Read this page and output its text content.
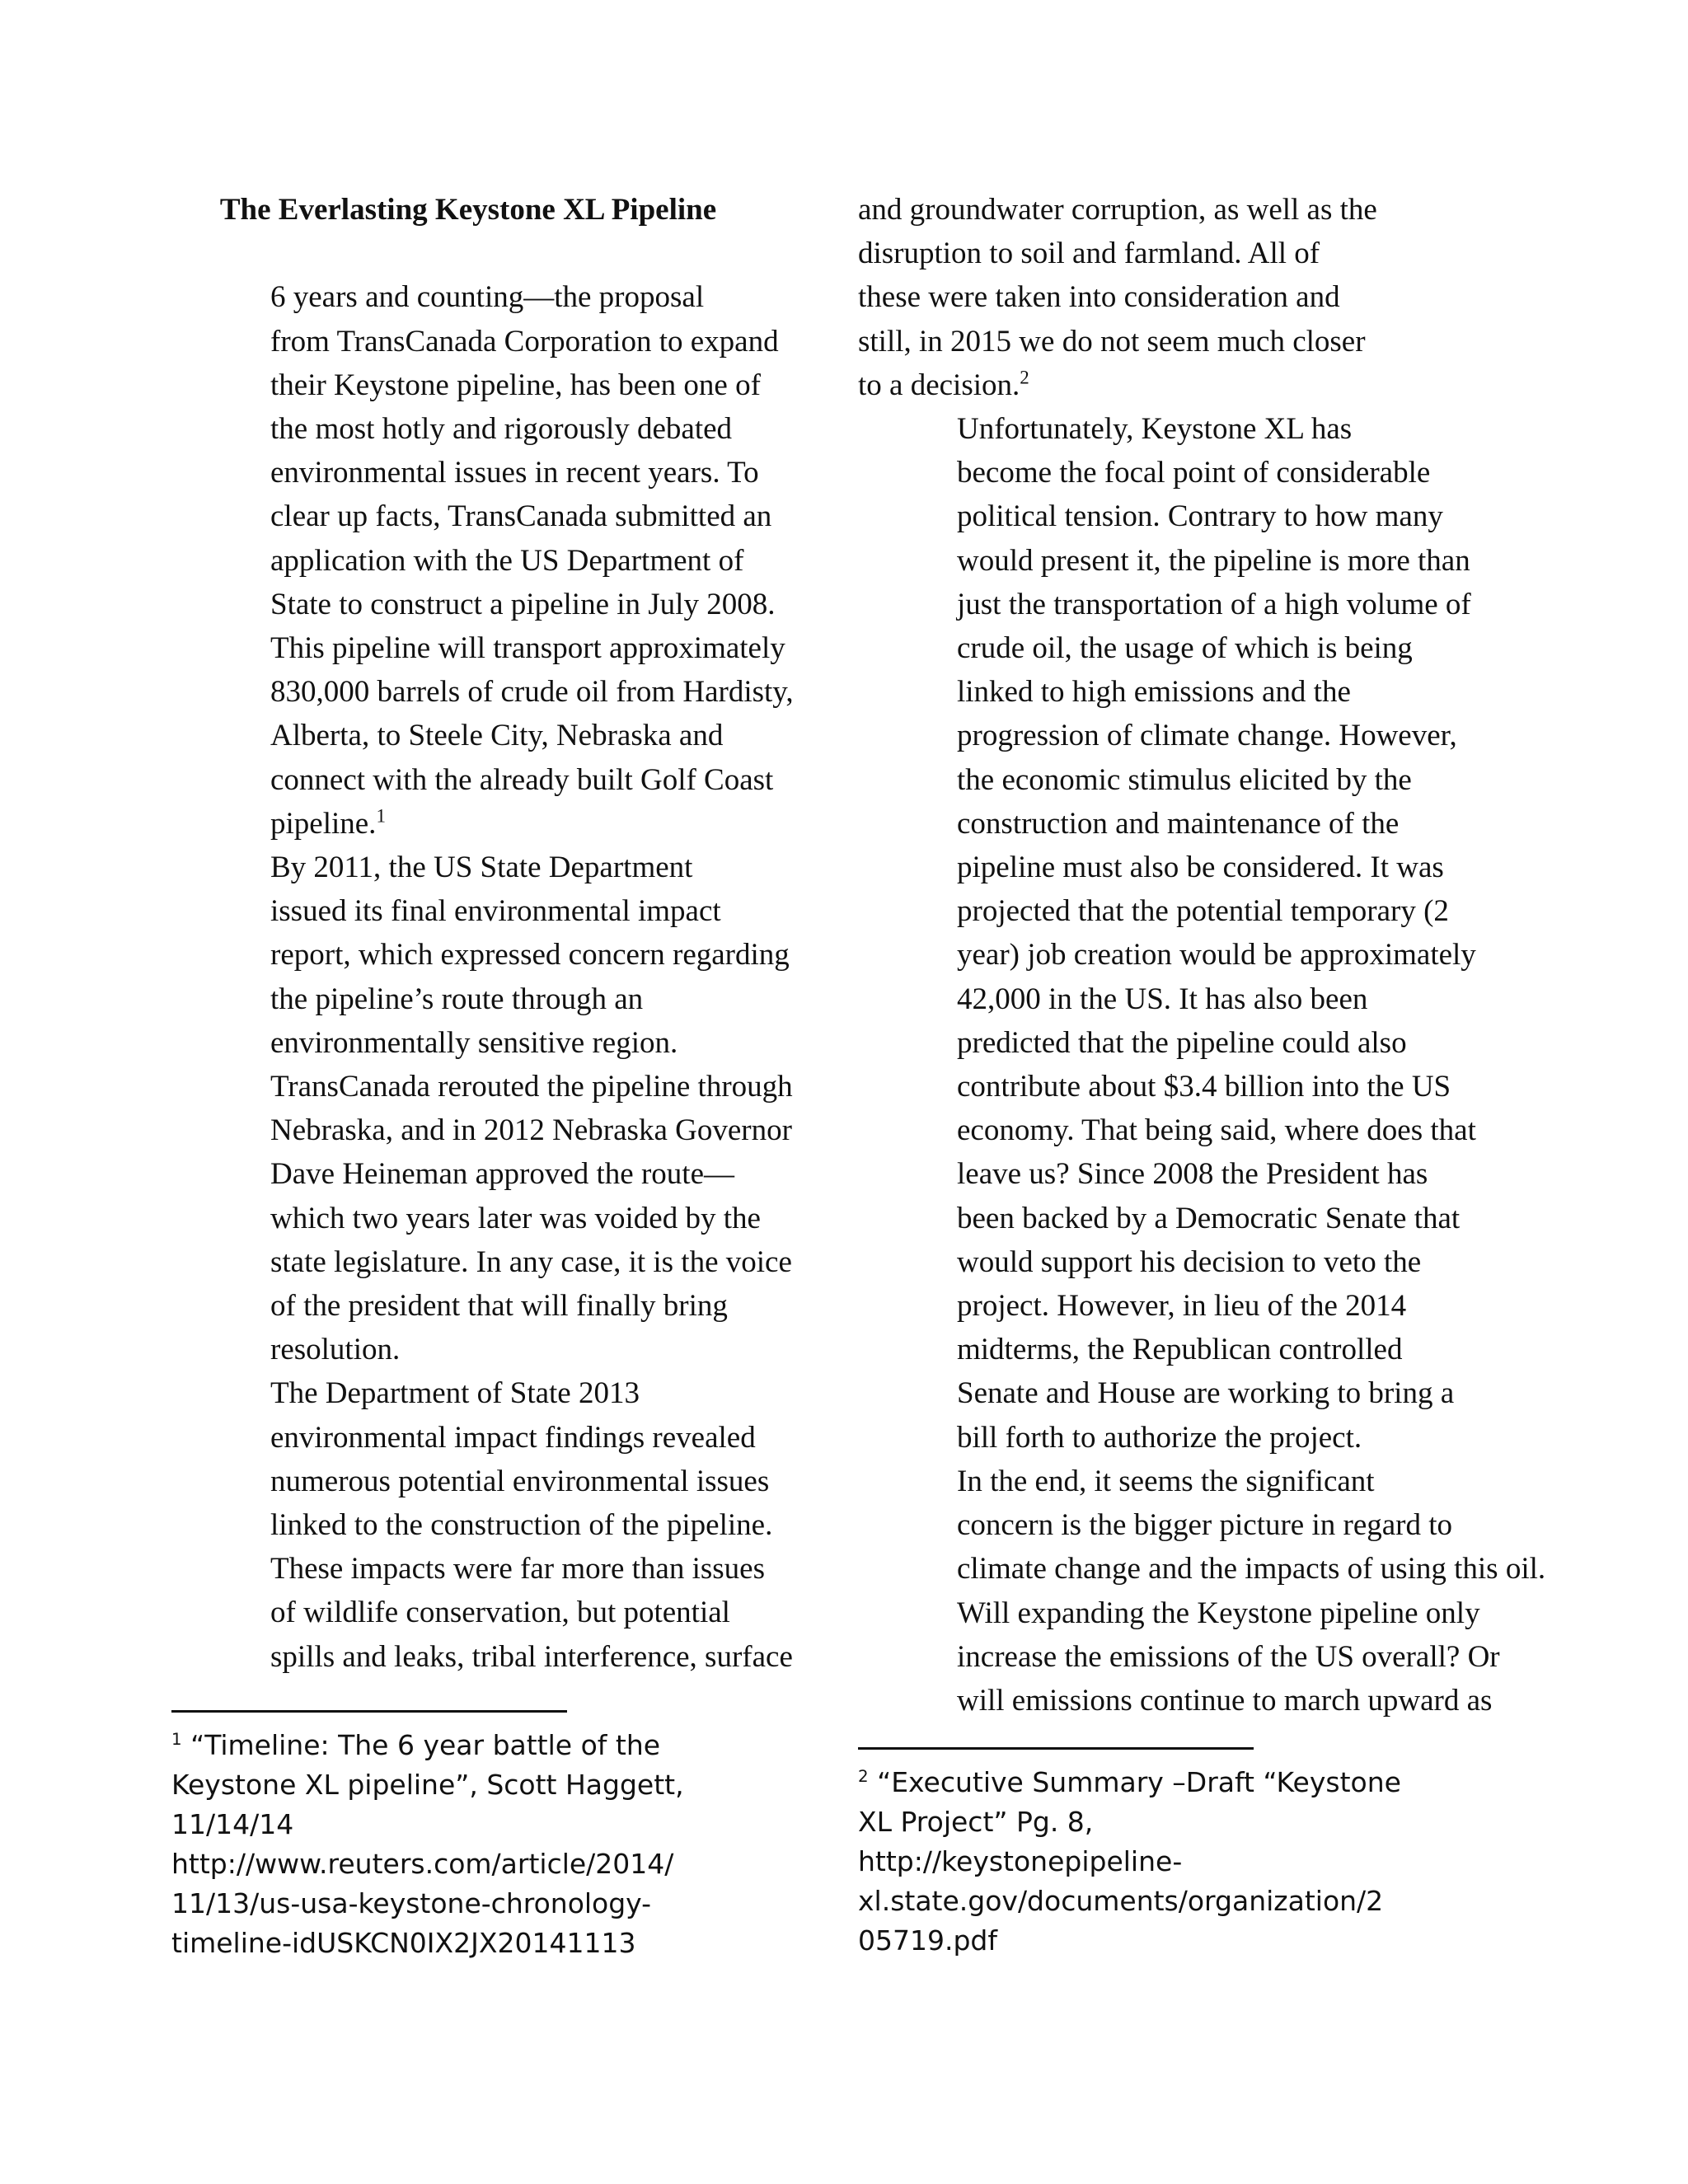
The Everlasting Keystone XL Pipeline

6 years and counting—the proposal
from TransCanada Corporation to expand
their Keystone pipeline, has been one of
the most hotly and rigorously debated
environmental issues in recent years. To
clear up facts, TransCanada submitted an
application with the US Department of
State to construct a pipeline in July 2008.
This pipeline will transport approximately
830,000 barrels of crude oil from Hardisty,
Alberta, to Steele City, Nebraska and
connect with the already built Golf Coast
pipeline.$^1$

By 2011, the US State Department
issued its final environmental impact
report, which expressed concern regarding
the pipeline’s route through an
environmentally sensitive region.
TransCanada rerouted the pipeline through
Nebraska, and in 2012 Nebraska Governor
Dave Heineman approved the route—
which two years later was voided by the
state legislature. In any case, it is the voice
of the president that will finally bring
resolution.

The Department of State 2013
environmental impact findings revealed
numerous potential environmental issues
linked to the construction of the pipeline.
These impacts were far more than issues
of wildlife conservation, but potential
spills and leaks, tribal interference, surface

and groundwater corruption, as well as the
disruption to soil and farmland. All of
these were taken into consideration and
still, in 2015 we do not seem much closer
to a decision.$^2$

Unfortunately, Keystone XL has
become the focal point of considerable
political tension. Contrary to how many
would present it, the pipeline is more than
just the transportation of a high volume of
crude oil, the usage of which is being
linked to high emissions and the
progression of climate change. However,
the economic stimulus elicited by the
construction and maintenance of the
pipeline must also be considered. It was
projected that the potential temporary (2
year) job creation would be approximately
42,000 in the US. It has also been
predicted that the pipeline could also
contribute about $3.4 billion into the US
economy. That being said, where does that
leave us? Since 2008 the President has
been backed by a Democratic Senate that
would support his decision to veto the
project. However, in lieu of the 2014
midterms, the Republican controlled
Senate and House are working to bring a
bill forth to authorize the project.

In the end, it seems the significant
concern is the bigger picture in regard to
climate change and the impacts of using this oil.
Will expanding the Keystone pipeline only
increase the emissions of the US overall? Or
will emissions continue to march upward as

$^1$ “Timeline: The 6 year battle of the
Keystone XL pipeline”, Scott Haggett,
11/14/14
http://www.reuters.com/article/2014/
11/13/us-usa-keystone-chronology-
timeline-idUSKCN0IX2JX20141113

$^2$ “Executive Summary –Draft “Keystone
XL Project” Pg. 8,
http://keystonepipeline-
xl.state.gov/documents/organization/2
05719.pdf
